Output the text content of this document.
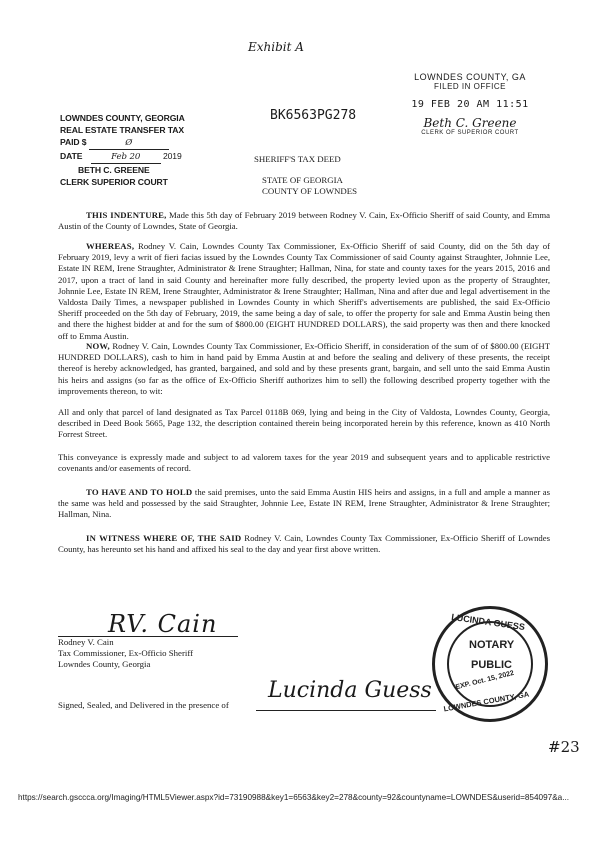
Exhibit A
BK6563PG278
LOWNDES COUNTY, GA
FILED IN OFFICE
19 FEB 20 AM 11:51
Beth C. Greene
CLERK OF SUPERIOR COURT
LOWNDES COUNTY, GEORGIA
REAL ESTATE TRANSFER TAX
PAID $	Ø
DATE	Feb 20	2019
BETH C. GREENE
CLERK SUPERIOR COURT
SHERIFF'S TAX DEED
STATE OF GEORGIA
COUNTY OF LOWNDES

THIS INDENTURE, Made this 5th day of February 2019 between Rodney V. Cain, Ex-Officio Sheriff of said County, and Emma Austin of the County of Lowndes, State of Georgia.

WHEREAS, Rodney V. Cain, Lowndes County Tax Commissioner, Ex-Officio Sheriff of said County, did on the 5th day of February 2019, levy a writ of fieri facias issued by the Lowndes County Tax Commissioner of said County against Straughter, Johnnie Lee, Estate IN REM, Irene Straughter, Administrator & Irene Straughter; Hallman, Nina, for state and county taxes for the years 2015, 2016 and 2017, upon a tract of land in said County and hereinafter more fully described, the property levied upon as the property of Straughter, Johnnie Lee, Estate IN REM, Irene Straughter, Administrator & Irene Straughter; Hallman, Nina and after due and legal advertisement in the Valdosta Daily Times, a newspaper published in Lowndes County in which Sheriff's advertisements are published, the said Ex-Officio Sheriff proceeded on the 5th day of February, 2019, the same being a day of sale, to offer the property for sale and Emma Austin being then and there the highest bidder at and for the sum of $800.00 (EIGHT HUNDRED DOLLARS), the said property was then and there knocked off to Emma Austin.

NOW, Rodney V. Cain, Lowndes County Tax Commissioner, Ex-Officio Sheriff, in consideration of the sum of of $800.00 (EIGHT HUNDRED DOLLARS), cash to him in hand paid by Emma Austin at and before the sealing and delivery of these presents, the receipt thereof is hereby acknowledged, has granted, bargained, and sold and by these presents grant, bargain, and sell unto the said Emma Austin his heirs and assigns (so far as the office of Ex-Officio Sheriff authorizes him to sell) the following described property together with the improvements thereon, to wit:

All and only that parcel of land designated as Tax Parcel 0118B 069, lying and being in the City of Valdosta, Lowndes County, Georgia, described in Deed Book 5665, Page 132, the description contained therein being incorporated herein by this reference, known as 410 North Forrest Street.

This conveyance is expressly made and subject to ad valorem taxes for the year 2019 and subsequent years and to applicable restrictive covenants and/or easements of record.

TO HAVE AND TO HOLD the said premises, unto the said Emma Austin HIS heirs and assigns, in a full and ample a manner as the same was held and possessed by the said Straughter, Johnnie Lee, Estate IN REM, Irene Straughter, Administrator & Irene Straughter; Hallman, Nina.

IN WITNESS WHERE OF, THE SAID Rodney V. Cain, Lowndes County Tax Commissioner, Ex-Officio Sheriff of Lowndes County, has hereunto set his hand and affixed his seal to the day and year first above written.

RV. Cain
Rodney V. Cain
Tax Commissioner, Ex-Officio Sheriff
Lowndes County, Georgia
Signed, Sealed, and Delivered in the presence of
Lucinda Guess
LUCINDA GUESS
NOTARY
PUBLIC
EXP. Oct. 15, 2022
LOWNDES COUNTY, GA
#23
https://search.gsccca.org/Imaging/HTML5Viewer.aspx?id=73190988&key1=6563&key2=278&county=92&countyname=LOWNDES&userid=854097&a...
